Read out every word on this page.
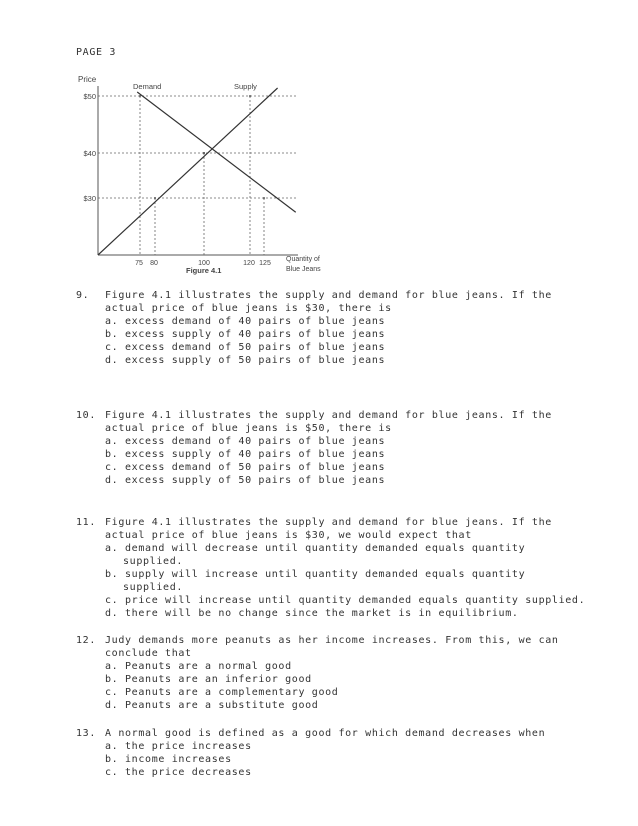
PAGE 3
Price
Demand	Supply
$50
$40
$30
75 80	100	120 125
Quantity of
Blue Jeans
Figure 4.1
9. Figure 4.1 illustrates the supply and demand for blue jeans. If the
actual price of blue jeans is $30, there is
a. excess demand of 40 pairs of blue jeans
b. excess supply of 40 pairs of blue jeans
c. excess demand of 50 pairs of blue jeans
d. excess supply of 50 pairs of blue jeans
10. Figure 4.1 illustrates the supply and demand for blue jeans. If the
actual price of blue jeans is $50, there is
a. excess demand of 40 pairs of blue jeans
b. excess supply of 40 pairs of blue jeans
c. excess demand of 50 pairs of blue jeans
d. excess supply of 50 pairs of blue jeans
11. Figure 4.1 illustrates the supply and demand for blue jeans. If the
actual price of blue jeans is $30, we would expect that
a. demand will decrease until quantity demanded equals quantity
supplied.
b. supply will increase until quantity demanded equals quantity
supplied.
c. price will increase until quantity demanded equals quantity supplied.
d. there will be no change since the market is in equilibrium.
12. Judy demands more peanuts as her income increases. From this, we can
conclude that
a. Peanuts are a normal good
b. Peanuts are an inferior good
c. Peanuts are a complementary good
d. Peanuts are a substitute good
13. A normal good is defined as a good for which demand decreases when
a. the price increases
b. income increases
c. the price decreases
